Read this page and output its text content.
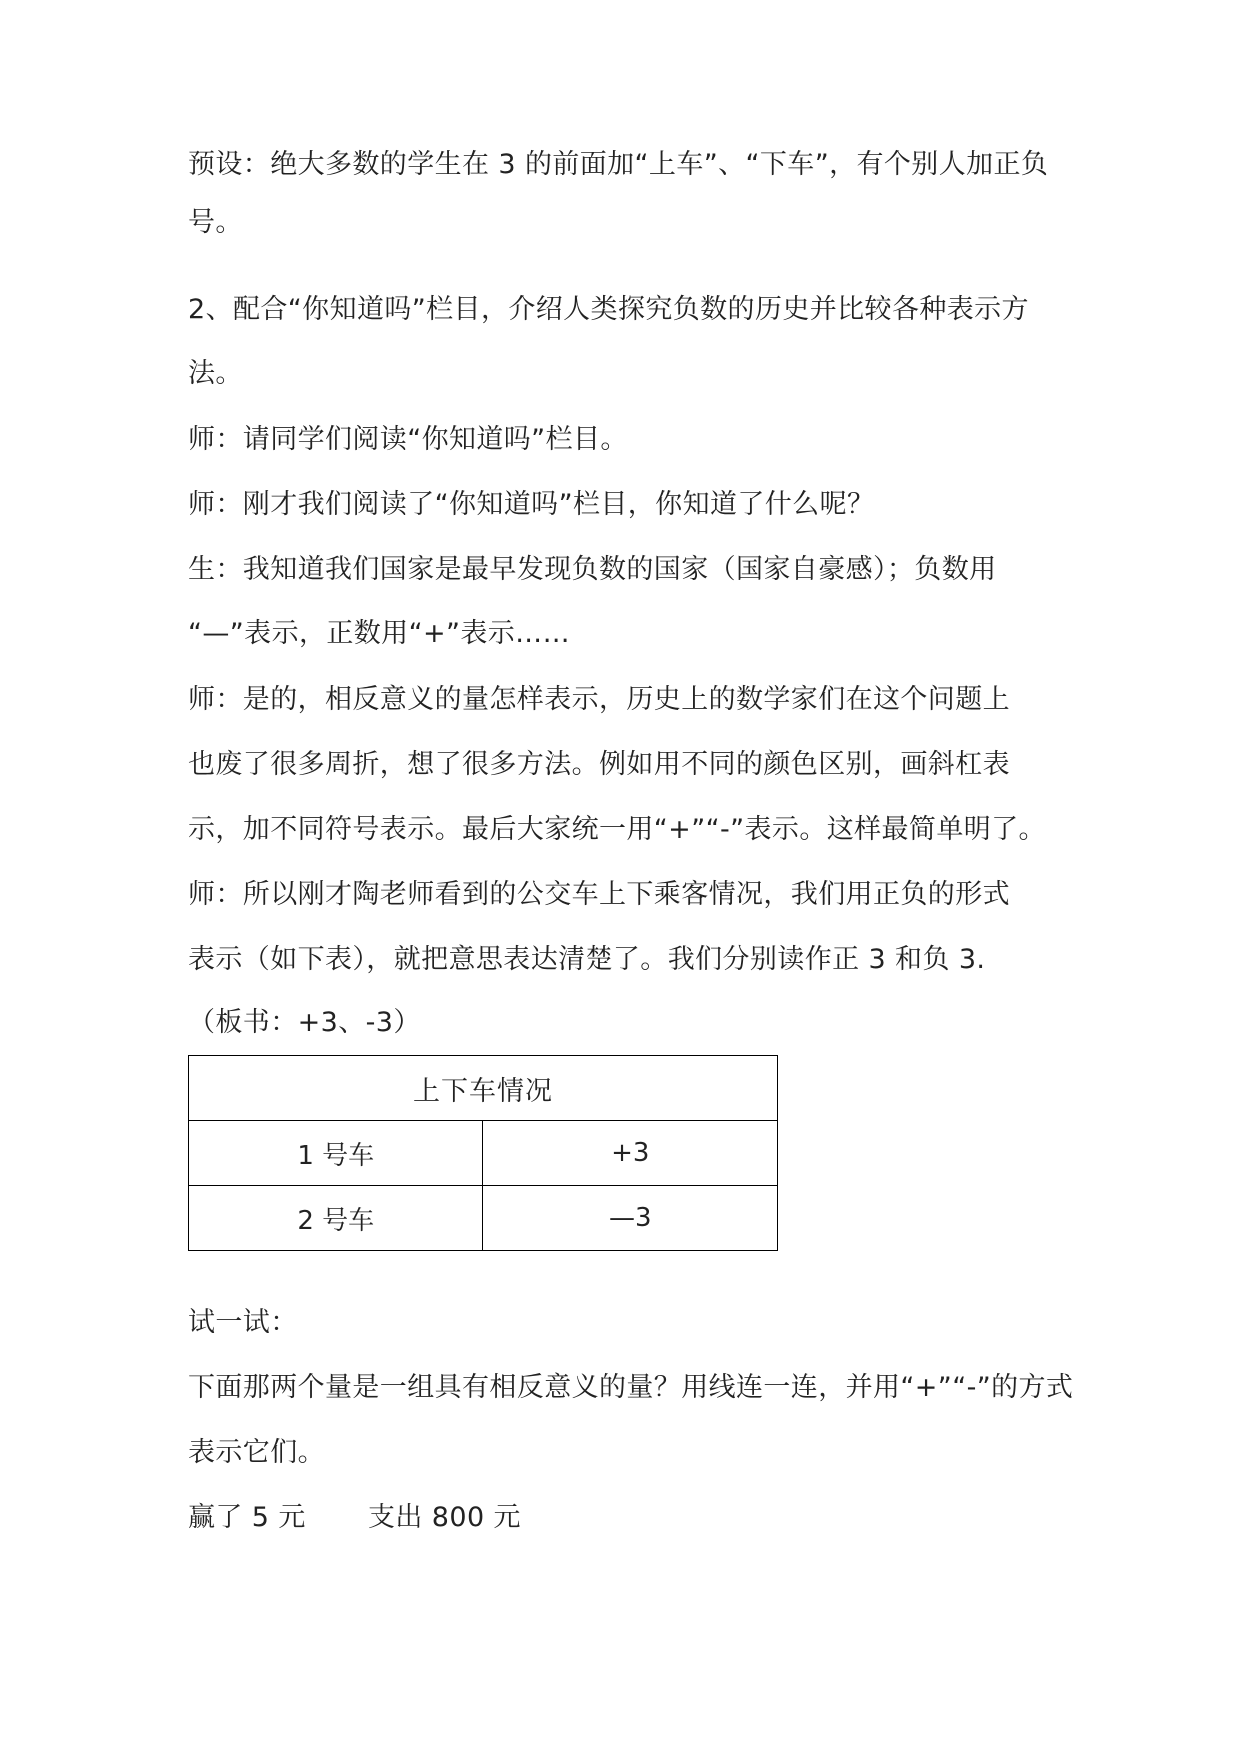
预设：绝大多数的学生在 3 的前面加“上车”、“下车”，有个别人加正负
号。
2、配合“你知道吗”栏目，介绍人类探究负数的历史并比较各种表示方
法。
师：请同学们阅读“你知道吗”栏目。
师：刚才我们阅读了“你知道吗”栏目，你知道了什么呢？
生：我知道我们国家是最早发现负数的国家（国家自豪感）；负数用
“—”表示，正数用“+”表示……
师：是的，相反意义的量怎样表示，历史上的数学家们在这个问题上
也废了很多周折，想了很多方法。例如用不同的颜色区别，画斜杠表
示，加不同符号表示。最后大家统一用“+”“-”表示。这样最简单明了。
师：所以刚才陶老师看到的公交车上下乘客情况，我们用正负的形式
表示（如下表），就把意思表达清楚了。我们分别读作正 3 和负 3.
（板书：+3、-3）
上下车情况	
1 号车	+3
2 号车	—3
试一试：
下面那两个量是一组具有相反意义的量？用线连一连，并用“+”“-”的方式
表示它们。
赢了 5 元 支出 800 元
